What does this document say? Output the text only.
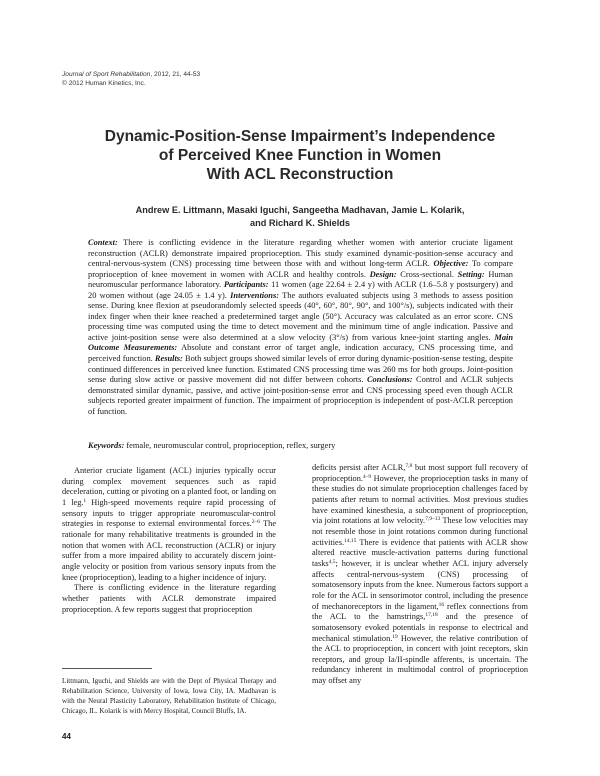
Journal of Sport Rehabilitation, 2012, 21, 44-53
© 2012 Human Kinetics, Inc.
Dynamic-Position-Sense Impairment’s Independence
of Perceived Knee Function in Women
With ACL Reconstruction
Andrew E. Littmann, Masaki Iguchi, Sangeetha Madhavan, Jamie L. Kolarik,
and Richard K. Shields
Context: There is conflicting evidence in the literature regarding whether women with anterior cruciate ligament reconstruction (ACLR) demonstrate impaired proprioception. This study examined dynamic-position-sense accuracy and central-nervous-system (CNS) processing time between those with and without long-term ACLR. Objective: To compare proprioception of knee movement in women with ACLR and healthy controls. Design: Cross-sectional. Setting: Human neuromuscular performance laboratory. Participants: 11 women (age 22.64 ± 2.4 y) with ACLR (1.6–5.8 y postsurgery) and 20 women without (age 24.05 ± 1.4 y). Interventions: The authors evaluated subjects using 3 methods to assess position sense. During knee flexion at pseudorandomly selected speeds (40°, 60°, 80°, 90°, and 100°/s), subjects indicated with their index finger when their knee reached a predetermined target angle (50°). Accuracy was calculated as an error score. CNS processing time was computed using the time to detect movement and the minimum time of angle indication. Passive and active joint-position sense were also determined at a slow velocity (3°/s) from various knee-joint starting angles. Main Outcome Measurements: Absolute and constant error of target angle, indication accuracy, CNS processing time, and perceived function. Results: Both subject groups showed similar levels of error during dynamic-position-sense testing, despite continued differences in perceived knee function. Estimated CNS processing time was 260 ms for both groups. Joint-position sense during slow active or passive movement did not differ between cohorts. Conclusions: Control and ACLR subjects demonstrated similar dynamic, passive, and active joint-position-sense error and CNS processing speed even though ACLR subjects reported greater impairment of function. The impairment of proprioception is independent of post-ACLR perception of function.
Keywords: female, neuromuscular control, proprioception, reflex, surgery

Anterior cruciate ligament (ACL) injuries typically occur during complex movement sequences such as rapid deceleration, cutting or pivoting on a planted foot, or landing on 1 leg.$^1$ High-speed movements require rapid processing of sensory inputs to trigger appropriate neuromuscular-control strategies in response to external environmental forces.$^{2-6}$ The rationale for many rehabilitative treatments is grounded in the notion that women with ACL reconstruction (ACLR) or injury suffer from a more impaired ability to accurately discern joint-angle velocity or position from various sensory inputs from the knee (proprioception), leading to a higher incidence of injury.

There is conflicting evidence in the literature regarding whether patients with ACLR demonstrate impaired proprioception. A few reports suggest that proprioception

deficits persist after ACLR,$^{7,8}$ but most support full recovery of proprioception.$^{4-9}$ However, the proprioception tasks in many of these studies do not simulate proprioception challenges faced by patients after return to normal activities. Most previous studies have examined kinesthesia, a subcomponent of proprioception, via joint rotations at low velocity.$^{7,9-13}$ These low velocities may not resemble those in joint rotations common during functional activities.$^{14,15}$ There is evidence that patients with ACLR show altered reactive muscle-activation patterns during functional tasks$^{4,5}$; however, it is unclear whether ACL injury adversely affects central-nervous-system (CNS) processing of somatosensory inputs from the knee. Numerous factors support a role for the ACL in sensorimotor control, including the presence of mechanoreceptors in the ligament,$^{16}$ reflex connections from the ACL to the hamstrings,$^{17,18}$ and the presence of somatosensory evoked potentials in response to electrical and mechanical stimulation.$^{19}$ However, the relative contribution of the ACL to proprioception, in concert with joint receptors, skin receptors, and group Ia/II-spindle afferents, is uncertain. The redundancy inherent in multimodal control of proprioception may offset any

Littmann, Iguchi, and Shields are with the Dept of Physical Therapy and Rehabilitation Science, University of Iowa, Iowa City, IA. Madhavan is with the Neural Plasticity Laboratory, Rehabilitation Institute of Chicago, Chicago, IL. Kolarik is with Mercy Hospital, Council Bluffs, IA.
44
